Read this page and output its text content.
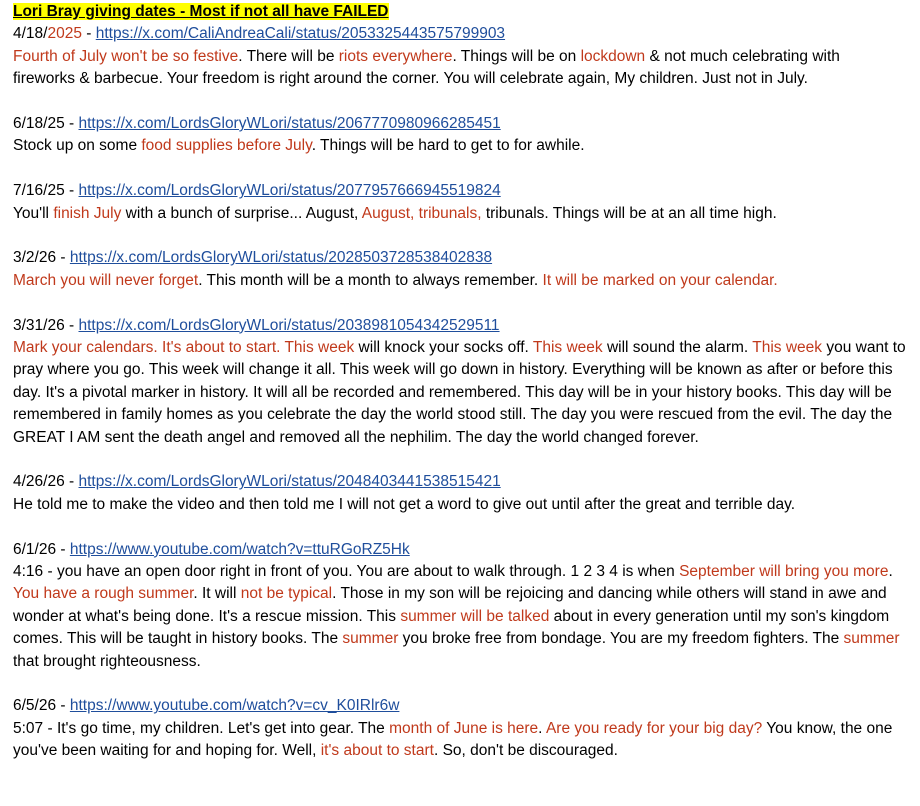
Lori Bray giving dates - Most if not all have FAILED

4/18/2025 - https://x.com/CaliAndreaCali/status/2053325443575799903

Fourth of July won't be so festive. There will be riots everywhere. Things will be on lockdown & not much celebrating with fireworks & barbecue. Your freedom is right around the corner. You will celebrate again, My children. Just not in July.

6/18/25 - https://x.com/LordsGloryWLori/status/2067770980966285451

Stock up on some food supplies before July. Things will be hard to get to for awhile.

7/16/25 - https://x.com/LordsGloryWLori/status/2077957666945519824

You'll finish July with a bunch of surprise... August, August, tribunals, tribunals. Things will be at an all time high.

3/2/26 - https://x.com/LordsGloryWLori/status/2028503728538402838

March you will never forget. This month will be a month to always remember. It will be marked on your calendar.

3/31/26 - https://x.com/LordsGloryWLori/status/2038981054342529511

Mark your calendars. It's about to start. This week will knock your socks off. This week will sound the alarm. This week you want to pray where you go. This week will change it all. This week will go down in history. Everything will be known as after or before this day. It's a pivotal marker in history. It will all be recorded and remembered. This day will be in your history books. This day will be remembered in family homes as you celebrate the day the world stood still. The day you were rescued from the evil. The day the GREAT I AM sent the death angel and removed all the nephilim. The day the world changed forever.

4/26/26 - https://x.com/LordsGloryWLori/status/2048403441538515421

He told me to make the video and then told me I will not get a word to give out until after the great and terrible day.

6/1/26 - https://www.youtube.com/watch?v=ttuRGoRZ5Hk

4:16 - you have an open door right in front of you. You are about to walk through. 1 2 3 4 is when September will bring you more. You have a rough summer. It will not be typical. Those in my son will be rejoicing and dancing while others will stand in awe and wonder at what's being done. It's a rescue mission. This summer will be talked about in every generation until my son's kingdom comes. This will be taught in history books. The summer you broke free from bondage. You are my freedom fighters. The summer that brought righteousness.

6/5/26 - https://www.youtube.com/watch?v=cv_K0IRlr6w

5:07 - It's go time, my children. Let's get into gear. The month of June is here. Are you ready for your big day? You know, the one you've been waiting for and hoping for. Well, it's about to start. So, don't be discouraged.
